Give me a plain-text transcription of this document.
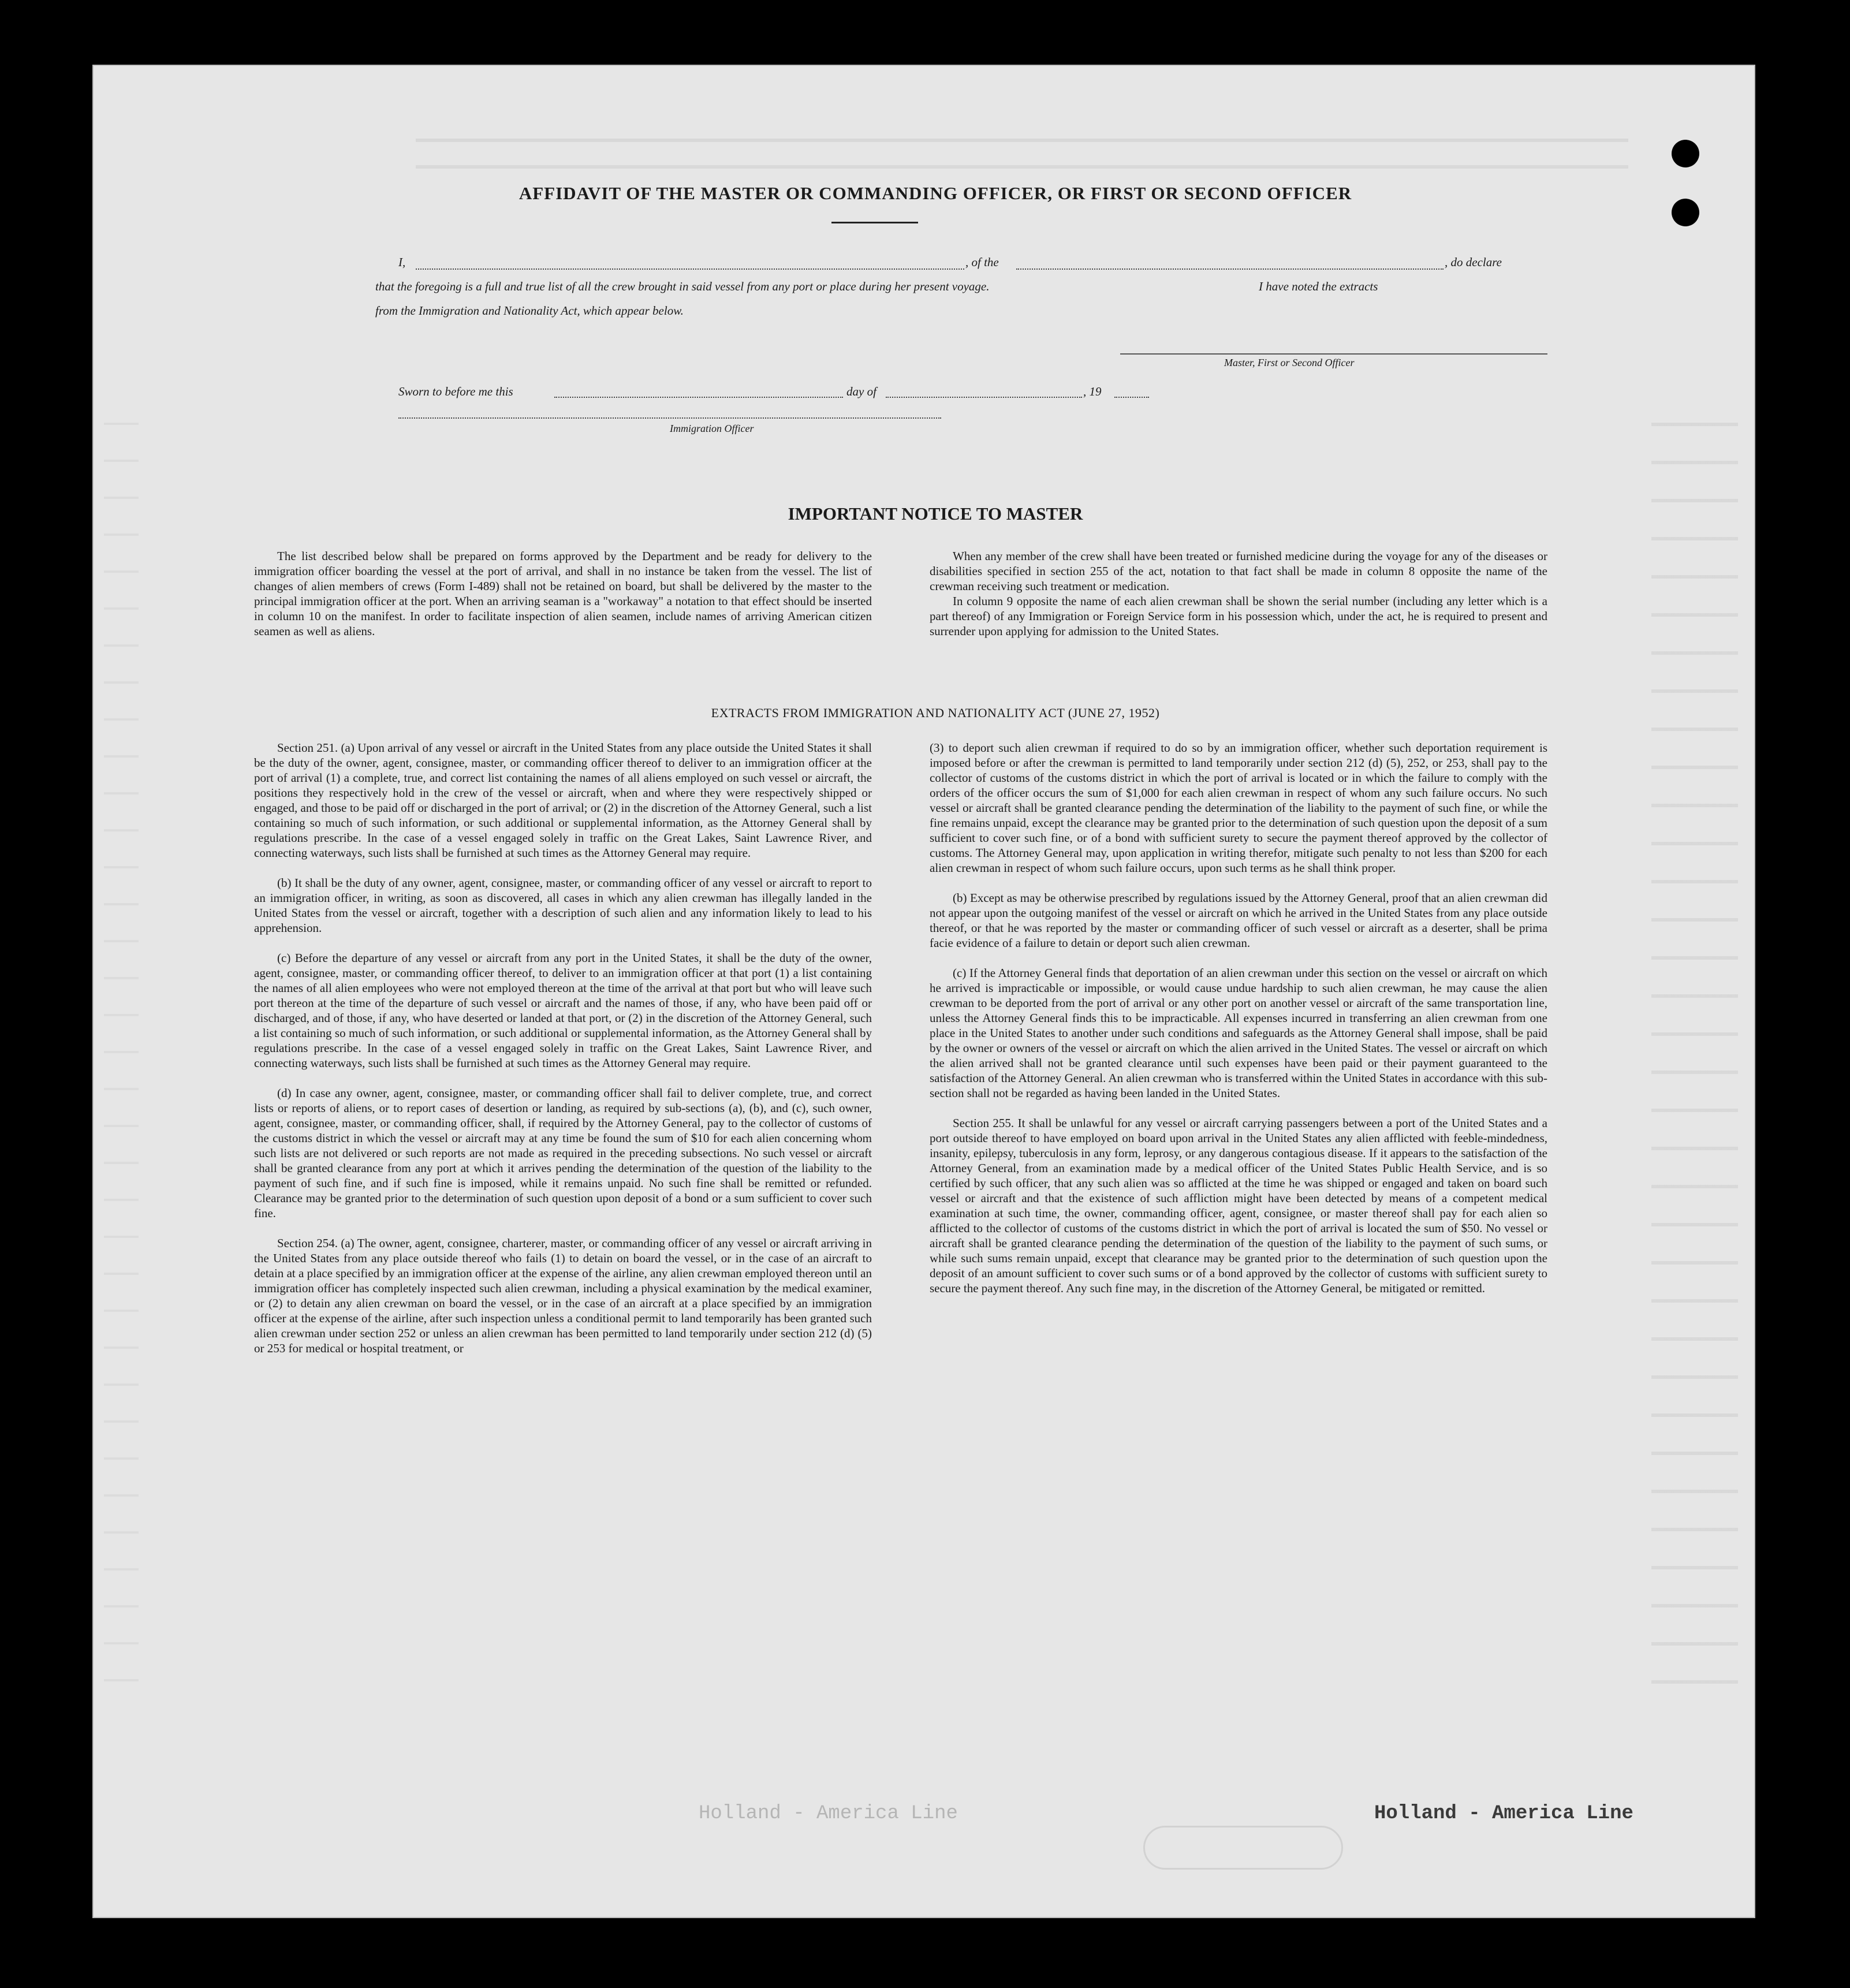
AFFIDAVIT OF THE MASTER OR COMMANDING OFFICER, OR FIRST OR SECOND OFFICER
I,	, of the	, do declare
that the foregoing is a full and true list of all the crew brought in said vessel from any port or place during her present voyage.	I have noted the extracts
from the Immigration and Nationality Act, which appear below.
Master, First or Second Officer
Sworn to before me this	day of	, 19
Immigration Officer
IMPORTANT NOTICE TO MASTER

The list described below shall be prepared on forms approved by the Department and be ready for delivery to the immigration officer boarding the vessel at the port of arrival, and shall in no instance be taken from the vessel. The list of changes of alien members of crews (Form I-489) shall not be retained on board, but shall be delivered by the master to the principal immigration officer at the port. When an arriving seaman is a "workaway" a notation to that effect should be inserted in column 10 on the manifest. In order to facilitate inspection of alien seamen, include names of arriving American citizen seamen as well as aliens.

When any member of the crew shall have been treated or furnished medicine during the voyage for any of the diseases or disabilities specified in section 255 of the act, notation to that fact shall be made in column 8 opposite the name of the crewman receiving such treatment or medication.

In column 9 opposite the name of each alien crewman shall be shown the serial number (including any letter which is a part thereof) of any Immigration or Foreign Service form in his possession which, under the act, he is required to present and surrender upon applying for admission to the United States.

EXTRACTS FROM IMMIGRATION AND NATIONALITY ACT (JUNE 27, 1952)

Section 251. (a) Upon arrival of any vessel or aircraft in the United States from any place outside the United States it shall be the duty of the owner, agent, consignee, master, or commanding officer thereof to deliver to an immigration officer at the port of arrival (1) a complete, true, and correct list containing the names of all aliens employed on such vessel or aircraft, the positions they respectively hold in the crew of the vessel or aircraft, when and where they were respectively shipped or engaged, and those to be paid off or discharged in the port of arrival; or (2) in the discretion of the Attorney General, such a list containing so much of such information, or such additional or supplemental information, as the Attorney General shall by regulations prescribe. In the case of a vessel engaged solely in traffic on the Great Lakes, Saint Lawrence River, and connecting waterways, such lists shall be furnished at such times as the Attorney General may require.

(b) It shall be the duty of any owner, agent, consignee, master, or commanding officer of any vessel or aircraft to report to an immigration officer, in writing, as soon as discovered, all cases in which any alien crewman has illegally landed in the United States from the vessel or aircraft, together with a description of such alien and any information likely to lead to his apprehension.

(c) Before the departure of any vessel or aircraft from any port in the United States, it shall be the duty of the owner, agent, consignee, master, or commanding officer thereof, to deliver to an immigration officer at that port (1) a list containing the names of all alien employees who were not employed thereon at the time of the arrival at that port but who will leave such port thereon at the time of the departure of such vessel or aircraft and the names of those, if any, who have been paid off or discharged, and of those, if any, who have deserted or landed at that port, or (2) in the discretion of the Attorney General, such a list containing so much of such information, or such additional or supplemental information, as the Attorney General shall by regulations prescribe. In the case of a vessel engaged solely in traffic on the Great Lakes, Saint Lawrence River, and connecting waterways, such lists shall be furnished at such times as the Attorney General may require.

(d) In case any owner, agent, consignee, master, or commanding officer shall fail to deliver complete, true, and correct lists or reports of aliens, or to report cases of desertion or landing, as required by sub-sections (a), (b), and (c), such owner, agent, consignee, master, or commanding officer, shall, if required by the Attorney General, pay to the collector of customs of the customs district in which the vessel or aircraft may at any time be found the sum of $10 for each alien concerning whom such lists are not delivered or such reports are not made as required in the preceding subsections. No such vessel or aircraft shall be granted clearance from any port at which it arrives pending the determination of the question of the liability to the payment of such fine, and if such fine is imposed, while it remains unpaid. No such fine shall be remitted or refunded. Clearance may be granted prior to the determination of such question upon deposit of a bond or a sum sufficient to cover such fine.

Section 254. (a) The owner, agent, consignee, charterer, master, or commanding officer of any vessel or aircraft arriving in the United States from any place outside thereof who fails (1) to detain on board the vessel, or in the case of an aircraft to detain at a place specified by an immigration officer at the expense of the airline, any alien crewman employed thereon until an immigration officer has completely inspected such alien crewman, including a physical examination by the medical examiner, or (2) to detain any alien crewman on board the vessel, or in the case of an aircraft at a place specified by an immigration officer at the expense of the airline, after such inspection unless a conditional permit to land temporarily has been granted such alien crewman under section 252 or unless an alien crewman has been permitted to land temporarily under section 212 (d) (5) or 253 for medical or hospital treatment, or

(3) to deport such alien crewman if required to do so by an immigration officer, whether such deportation requirement is imposed before or after the crewman is permitted to land temporarily under section 212 (d) (5), 252, or 253, shall pay to the collector of customs of the customs district in which the port of arrival is located or in which the failure to comply with the orders of the officer occurs the sum of $1,000 for each alien crewman in respect of whom any such failure occurs. No such vessel or aircraft shall be granted clearance pending the determination of the liability to the payment of such fine, or while the fine remains unpaid, except the clearance may be granted prior to the determination of such question upon the deposit of a sum sufficient to cover such fine, or of a bond with sufficient surety to secure the payment thereof approved by the collector of customs. The Attorney General may, upon application in writing therefor, mitigate such penalty to not less than $200 for each alien crewman in respect of whom such failure occurs, upon such terms as he shall think proper.

(b) Except as may be otherwise prescribed by regulations issued by the Attorney General, proof that an alien crewman did not appear upon the outgoing manifest of the vessel or aircraft on which he arrived in the United States from any place outside thereof, or that he was reported by the master or commanding officer of such vessel or aircraft as a deserter, shall be prima facie evidence of a failure to detain or deport such alien crewman.

(c) If the Attorney General finds that deportation of an alien crewman under this section on the vessel or aircraft on which he arrived is impracticable or impossible, or would cause undue hardship to such alien crewman, he may cause the alien crewman to be deported from the port of arrival or any other port on another vessel or aircraft of the same transportation line, unless the Attorney General finds this to be impracticable. All expenses incurred in transferring an alien crewman from one place in the United States to another under such conditions and safeguards as the Attorney General shall impose, shall be paid by the owner or owners of the vessel or aircraft on which the alien arrived in the United States. The vessel or aircraft on which the alien arrived shall not be granted clearance until such expenses have been paid or their payment guaranteed to the satisfaction of the Attorney General. An alien crewman who is transferred within the United States in accordance with this sub-section shall not be regarded as having been landed in the United States.

Section 255. It shall be unlawful for any vessel or aircraft carrying passengers between a port of the United States and a port outside thereof to have employed on board upon arrival in the United States any alien afflicted with feeble-mindedness, insanity, epilepsy, tuberculosis in any form, leprosy, or any dangerous contagious disease. If it appears to the satisfaction of the Attorney General, from an examination made by a medical officer of the United States Public Health Service, and is so certified by such officer, that any such alien was so afflicted at the time he was shipped or engaged and taken on board such vessel or aircraft and that the existence of such affliction might have been detected by means of a competent medical examination at such time, the owner, commanding officer, agent, consignee, or master thereof shall pay for each alien so afflicted to the collector of customs of the customs district in which the port of arrival is located the sum of $50. No vessel or aircraft shall be granted clearance pending the determination of the question of the liability to the payment of such sums, or while such sums remain unpaid, except that clearance may be granted prior to the determination of such question upon the deposit of an amount sufficient to cover such sums or of a bond approved by the collector of customs with sufficient surety to secure the payment thereof. Any such fine may, in the discretion of the Attorney General, be mitigated or remitted.

Holland - America Line	Holland - America Line
